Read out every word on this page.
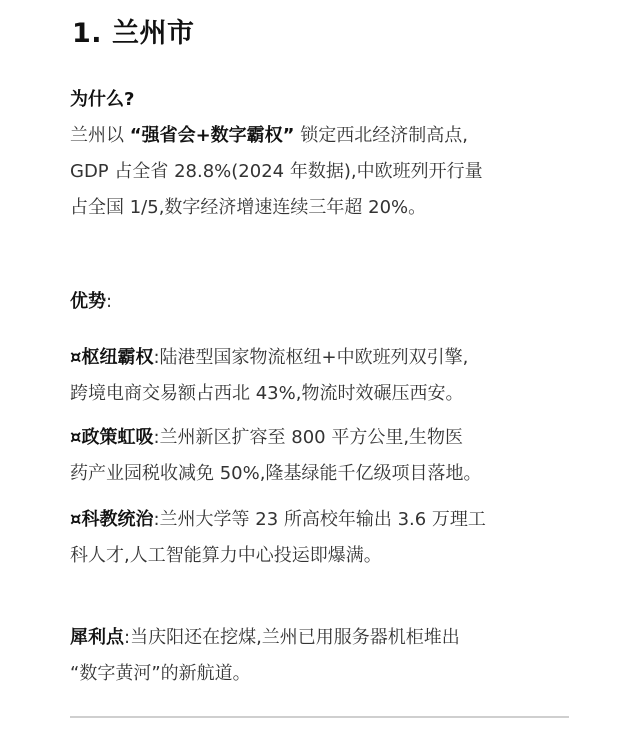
1. 兰州市
为什么?
兰州以 “强省会+数字霸权” 锁定西北经济制高点,
GDP 占全省 28.8%(2024 年数据),中欧班列开行量
占全国 1/5,数字经济增速连续三年超 20%。
优势:
¤枢纽霸权:陆港型国家物流枢纽+中欧班列双引擎,
跨境电商交易额占西北 43%,物流时效碾压西安。
¤政策虹吸:兰州新区扩容至 800 平方公里,生物医
药产业园税收减免 50%,隆基绿能千亿级项目落地。
¤科教统治:兰州大学等 23 所高校年输出 3.6 万理工
科人才,人工智能算力中心投运即爆满。
犀利点:当庆阳还在挖煤,兰州已用服务器机柜堆出
“数字黄河”的新航道。
